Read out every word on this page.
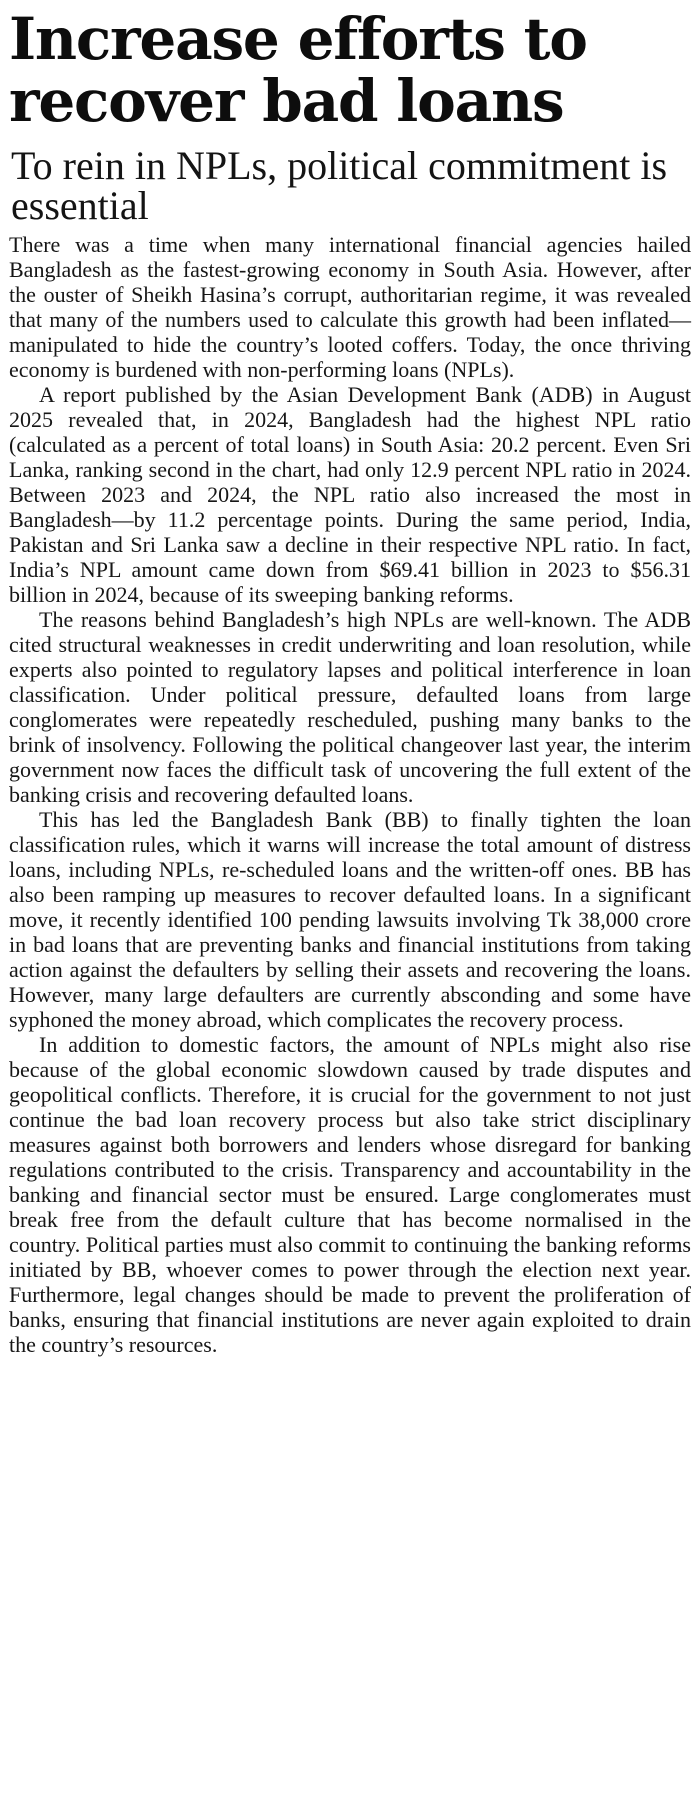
Increase efforts to recover bad loans
To rein in NPLs, political commitment is essential

There was a time when many international financial agencies hailed Bangladesh as the fastest-growing economy in South Asia. However, after the ouster of Sheikh Hasina’s corrupt, authoritarian regime, it was revealed that many of the numbers used to calculate this growth had been inflated—manipulated to hide the country’s looted coffers. Today, the once thriving economy is burdened with non-performing loans (NPLs).

A report published by the Asian Development Bank (ADB) in August 2025 revealed that, in 2024, Bangladesh had the highest NPL ratio (calculated as a percent of total loans) in South Asia: 20.2 percent. Even Sri Lanka, ranking second in the chart, had only 12.9 percent NPL ratio in 2024. Between 2023 and 2024, the NPL ratio also increased the most in Bangladesh—by 11.2 percentage points. During the same period, India, Pakistan and Sri Lanka saw a decline in their respective NPL ratio. In fact, India’s NPL amount came down from $69.41 billion in 2023 to $56.31 billion in 2024, because of its sweeping banking reforms.

The reasons behind Bangladesh’s high NPLs are well-known. The ADB cited structural weaknesses in credit underwriting and loan resolution, while experts also pointed to regulatory lapses and political interference in loan classification. Under political pressure, defaulted loans from large conglomerates were repeatedly rescheduled, pushing many banks to the brink of insolvency. Following the political changeover last year, the interim government now faces the difficult task of uncovering the full extent of the banking crisis and recovering defaulted loans.

This has led the Bangladesh Bank (BB) to finally tighten the loan classification rules, which it warns will increase the total amount of distress loans, including NPLs, re-scheduled loans and the written-off ones. BB has also been ramping up measures to recover defaulted loans. In a significant move, it recently identified 100 pending lawsuits involving Tk 38,000 crore in bad loans that are preventing banks and financial institutions from taking action against the defaulters by selling their assets and recovering the loans. However, many large defaulters are currently absconding and some have syphoned the money abroad, which complicates the recovery process.

In addition to domestic factors, the amount of NPLs might also rise because of the global economic slowdown caused by trade disputes and geopolitical conflicts. Therefore, it is crucial for the government to not just continue the bad loan recovery process but also take strict disciplinary measures against both borrowers and lenders whose disregard for banking regulations contributed to the crisis. Transparency and accountability in the banking and financial sector must be ensured. Large conglomerates must break free from the default culture that has become normalised in the country. Political parties must also commit to continuing the banking reforms initiated by BB, whoever comes to power through the election next year. Furthermore, legal changes should be made to prevent the proliferation of banks, ensuring that financial institutions are never again exploited to drain the country’s resources.
